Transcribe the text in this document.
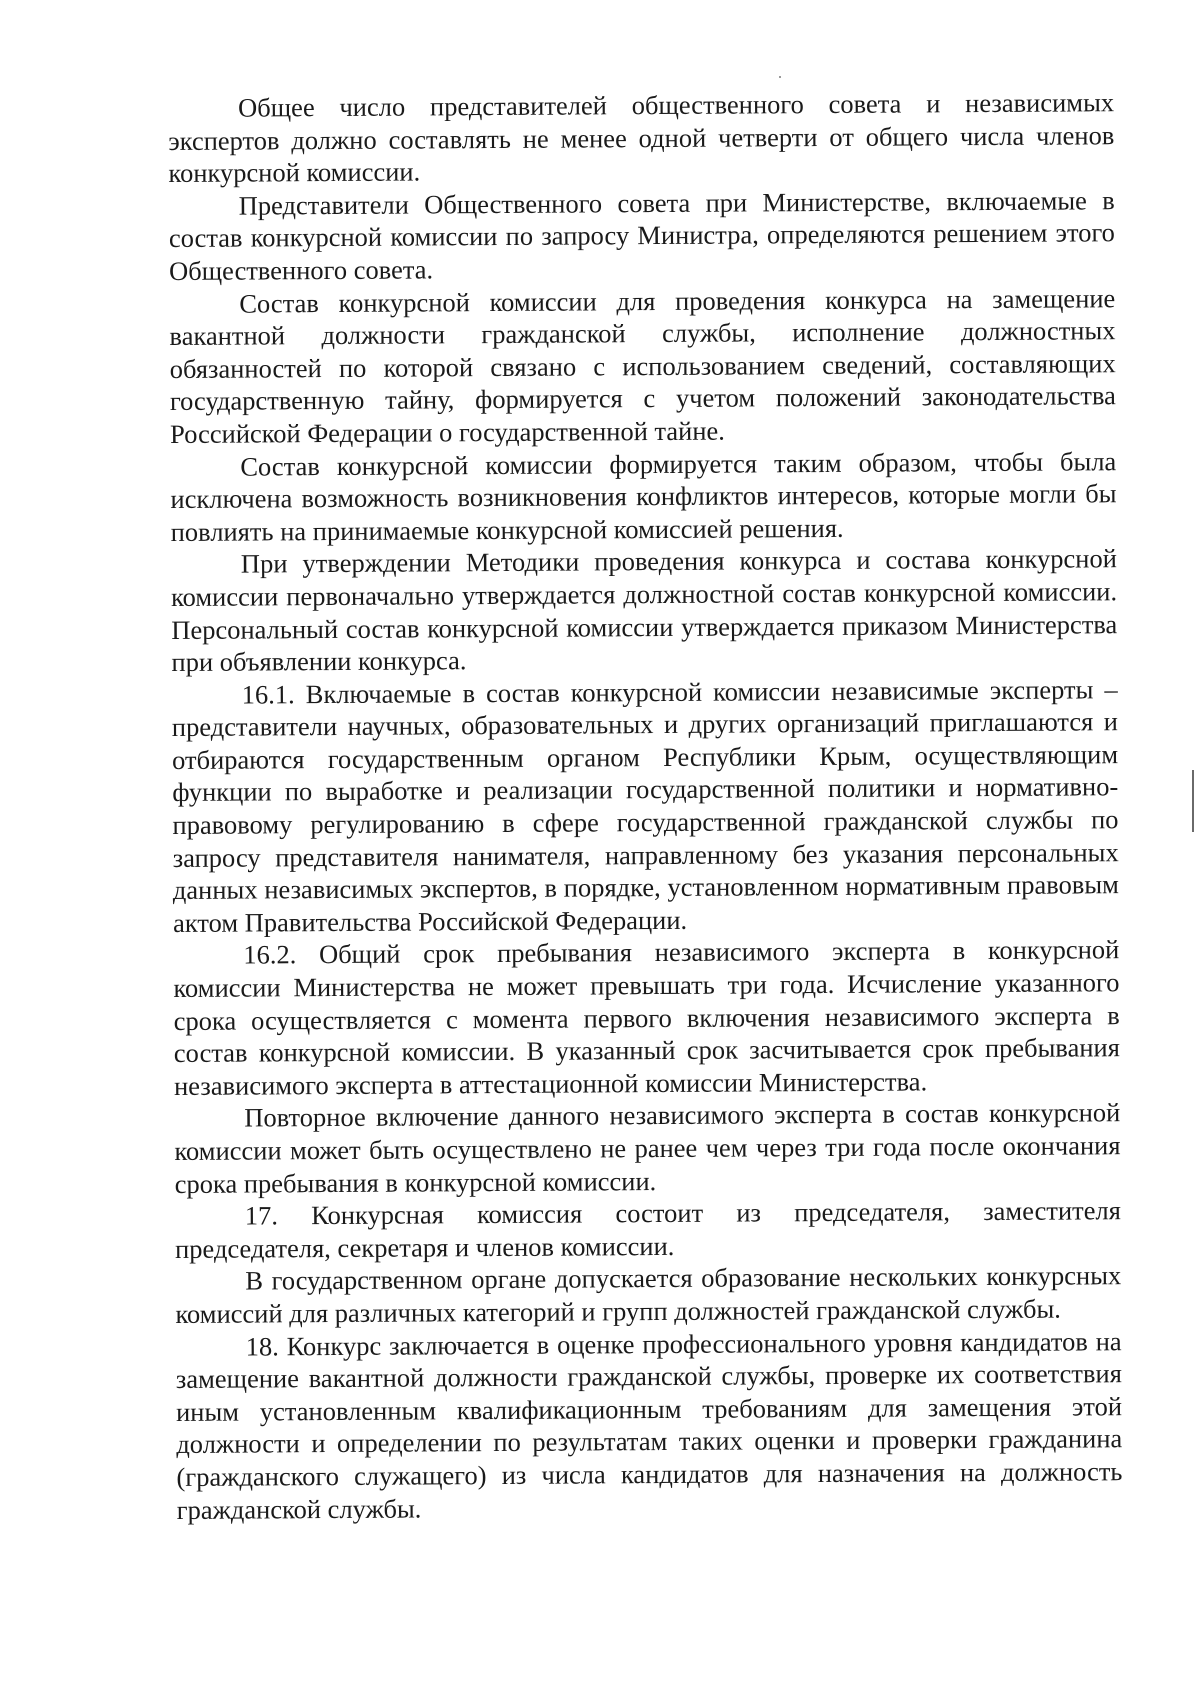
Общее число представителей общественного совета и независимых экспертов должно составлять не менее одной четверти от общего числа членов конкурсной комиссии.

Представители Общественного совета при Министерстве, включаемые в состав конкурсной комиссии по запросу Министра, определяются решением этого Общественного совета.

Состав конкурсной комиссии для проведения конкурса на замещение вакантной должности гражданской службы, исполнение должностных обязанностей по которой связано с использованием сведений, составляющих государственную тайну, формируется с учетом положений законодательства Российской Федерации о государственной тайне.

Состав конкурсной комиссии формируется таким образом, чтобы была исключена возможность возникновения конфликтов интересов, которые могли бы повлиять на принимаемые конкурсной комиссией решения.

При утверждении Методики проведения конкурса и состава конкурсной комиссии первоначально утверждается должностной состав конкурсной комиссии. Персональный состав конкурсной комиссии утверждается приказом Министерства при объявлении конкурса.

16.1. Включаемые в состав конкурсной комиссии независимые эксперты – представители научных, образовательных и других организаций приглашаются и отбираются государственным органом Республики Крым, осуществляющим функции по выработке и реализации государственной политики и нормативно-правовому регулированию в сфере государственной гражданской службы по запросу представителя нанимателя, направленному без указания персональных данных независимых экспертов, в порядке, установленном нормативным правовым актом Правительства Российской Федерации.

16.2. Общий срок пребывания независимого эксперта в конкурсной комиссии Министерства не может превышать три года. Исчисление указанного срока осуществляется с момента первого включения независимого эксперта в состав конкурсной комиссии. В указанный срок засчитывается срок пребывания независимого эксперта в аттестационной комиссии Министерства.

Повторное включение данного независимого эксперта в состав конкурсной комиссии может быть осуществлено не ранее чем через три года после окончания срока пребывания в конкурсной комиссии.

17. Конкурсная комиссия состоит из председателя, заместителя председателя, секретаря и членов комиссии.

В государственном органе допускается образование нескольких конкурсных комиссий для различных категорий и групп должностей гражданской службы.

18. Конкурс заключается в оценке профессионального уровня кандидатов на замещение вакантной должности гражданской службы, проверке их соответствия иным установленным квалификационным требованиям для замещения этой должности и определении по результатам таких оценки и проверки гражданина (гражданского служащего) из числа кандидатов для назначения на должность гражданской службы.
